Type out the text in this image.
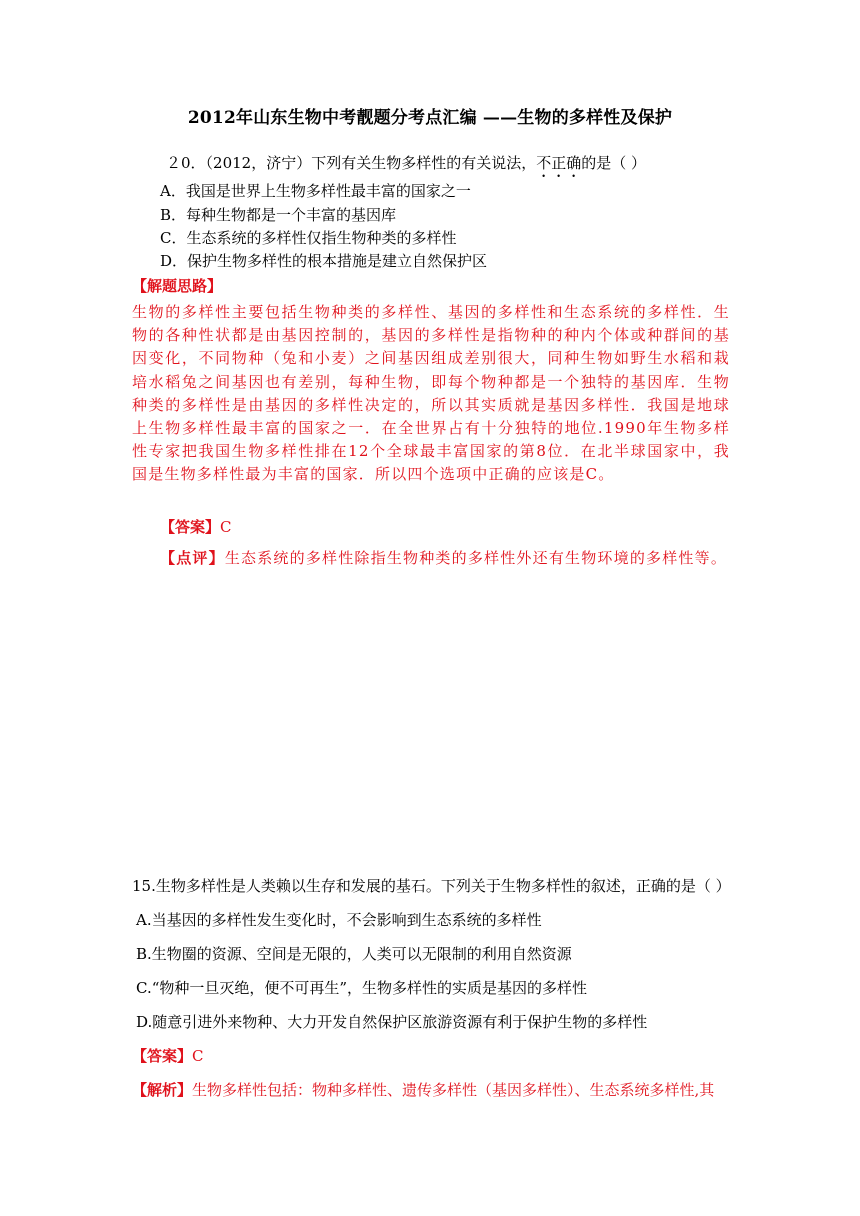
2012年山东生物中考靓题分考点汇编 ——生物的多样性及保护
２0．（2012，济宁）下列有关生物多样性的有关说法，不正确的是（ ）
A．我国是世界上生物多样性最丰富的国家之一
B．每种生物都是一个丰富的基因库
C．生态系统的多样性仅指生物种类的多样性
D．保护生物多样性的根本措施是建立自然保护区
【解题思路】
生物的多样性主要包括生物种类的多样性、基因的多样性和生态系统的多样性．生物的各种性状都是由基因控制的，基因的多样性是指物种的种内个体或种群间的基因变化，不同物种（兔和小麦）之间基因组成差别很大，同种生物如野生水稻和栽培水稻兔之间基因也有差别，每种生物，即每个物种都是一个独特的基因库．生物种类的多样性是由基因的多样性决定的，所以其实质就是基因多样性．我国是地球上生物多样性最丰富的国家之一．在全世界占有十分独特的地位.1990年生物多样性专家把我国生物多样性排在12个全球最丰富国家的第8位．在北半球国家中，我国是生物多样性最为丰富的国家．所以四个选项中正确的应该是C。
【答案】C
【点评】生态系统的多样性除指生物种类的多样性外还有生物环境的多样性等。
15.生物多样性是人类赖以生存和发展的基石。下列关于生物多样性的叙述，正确的是（ ）
A.当基因的多样性发生变化时，不会影响到生态系统的多样性
B.生物圈的资源、空间是无限的，人类可以无限制的利用自然资源
C.“物种一旦灭绝，便不可再生”，生物多样性的实质是基因的多样性
D.随意引进外来物种、大力开发自然保护区旅游资源有利于保护生物的多样性
【答案】C
【解析】生物多样性包括：物种多样性、遗传多样性（基因多样性）、生态系统多样性,其
